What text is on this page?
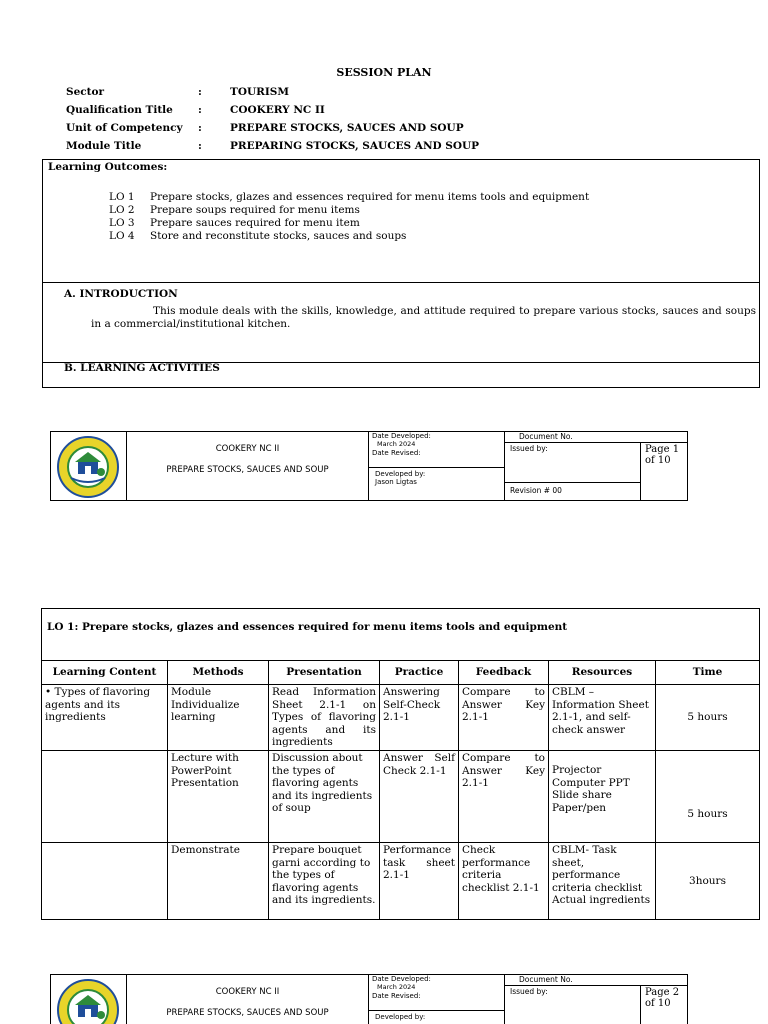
SESSION PLAN
Sector	:	TOURISM
Qualification Title :	COOKERY NC II
Unit of Competency :	PREPARE STOCKS, SAUCES AND SOUP
Module Title	:	PREPARING STOCKS, SAUCES AND SOUP
Learning Outcomes:
LO 1 Prepare stocks, glazes and essences required for menu items tools and equipment
LO 2 Prepare soups required for menu items
LO 3 Prepare sauces required for menu item
LO 4 Store and reconstitute stocks, sauces and soups
A. INTRODUCTION
This module deals with the skills, knowledge, and attitude required to prepare various stocks, sauces and soups in a commercial/institutional kitchen.
B. LEARNING ACTIVITIES
COOKERY NC II
PREPARE STOCKS, SAUCES AND SOUP
Date Developed:
March 2024
Date Revised:
Developed by:
Jason Ligtas
Document No.
Issued by:	Page 1 of 10
Revision # 00
LO 1: Prepare stocks, glazes and essences required for menu items tools and equipment						
Learning Content	Methods	Presentation	Practice	Feedback	Resources	Time
• Types of flavoring agents and its ingredients	Module Individualize learning	Read Information Sheet 2.1-1 on Types of flavoring agents and its ingredients	Answering Self-Check 2.1-1	Compare to Answer Key 2.1-1	CBLM – Information Sheet 2.1-1, and self-check answer	5 hours
	Lecture with PowerPoint Presentation	Discussion about the types of flavoring agents and its ingredients of soup	Answer Self Check 2.1-1	Compare to Answer Key 2.1-1	Projector Computer PPT Slide share Paper/pen	5 hours
	Demonstrate	Prepare bouquet garni according to the types of flavoring agents and its ingredients.	Performance task sheet 2.1-1	Check performance criteria checklist 2.1-1	CBLM- Task sheet, performance criteria checklist Actual ingredients	3hours
COOKERY NC II
PREPARE STOCKS, SAUCES AND SOUP
Date Developed:
March 2024
Date Revised:
Developed by:
Document No.
Issued by:	Page 2 of 10
